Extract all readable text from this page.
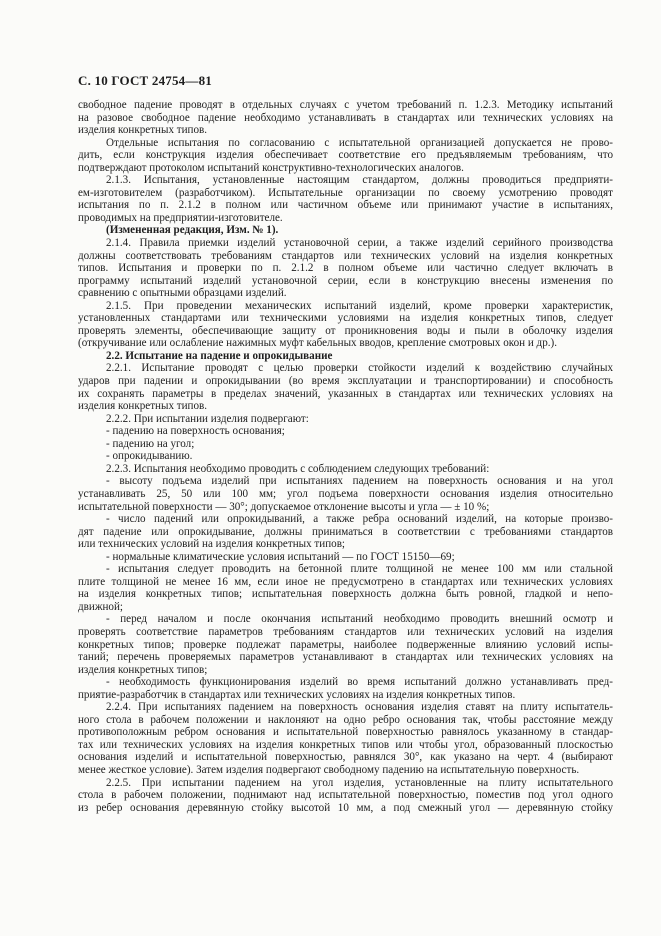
С. 10 ГОСТ 24754—81
свободное падение проводят в отдельных случаях с учетом требований п. 1.2.3. Методику испытаний
на разовое свободное падение необходимо устанавливать в стандартах или технических условиях на
изделия конкретных типов.
Отдельные испытания по согласованию с испытательной организацией допускается не прово-
дить, если конструкция изделия обеспечивает соответствие его предъявляемым требованиям, что
подтверждают протоколом испытаний конструктивно-технологических аналогов.
2.1.3. Испытания, установленные настоящим стандартом, должны проводиться предприяти-
ем-изготовителем (разработчиком). Испытательные организации по своему усмотрению проводят
испытания по п. 2.1.2 в полном или частичном объеме или принимают участие в испытаниях,
проводимых на предприятии-изготовителе.
(Измененная редакция, Изм. № 1).
2.1.4. Правила приемки изделий установочной серии, а также изделий серийного производства
должны соответствовать требованиям стандартов или технических условий на изделия конкретных
типов. Испытания и проверки по п. 2.1.2 в полном объеме или частично следует включать в
программу испытаний изделий установочной серии, если в конструкцию внесены изменения по
сравнению с опытными образцами изделий.
2.1.5. При проведении механических испытаний изделий, кроме проверки характеристик,
установленных стандартами или техническими условиями на изделия конкретных типов, следует
проверять элементы, обеспечивающие защиту от проникновения воды и пыли в оболочку изделия
(откручивание или ослабление нажимных муфт кабельных вводов, крепление смотровых окон и др.).
2.2. Испытание на падение и опрокидывание
2.2.1. Испытание проводят с целью проверки стойкости изделий к воздействию случайных
ударов при падении и опрокидывании (во время эксплуатации и транспортировании) и способность
их сохранять параметры в пределах значений, указанных в стандартах или технических условиях на
изделия конкретных типов.
2.2.2. При испытании изделия подвергают:
- падению на поверхность основания;
- падению на угол;
- опрокидыванию.
2.2.3. Испытания необходимо проводить с соблюдением следующих требований:
- высоту подъема изделий при испытаниях падением на поверхность основания и на угол
устанавливать 25, 50 или 100 мм; угол подъема поверхности основания изделия относительно
испытательной поверхности — 30°; допускаемое отклонение высоты и угла — ± 10 %;
- число падений или опрокидываний, а также ребра оснований изделий, на которые произво-
дят падение или опрокидывание, должны приниматься в соответствии с требованиями стандартов
или технических условий на изделия конкретных типов;
- нормальные климатические условия испытаний — по ГОСТ 15150—69;
- испытания следует проводить на бетонной плите толщиной не менее 100 мм или стальной
плите толщиной не менее 16 мм, если иное не предусмотрено в стандартах или технических условиях
на изделия конкретных типов; испытательная поверхность должна быть ровной, гладкой и непо-
движной;
- перед началом и после окончания испытаний необходимо проводить внешний осмотр и
проверять соответствие параметров требованиям стандартов или технических условий на изделия
конкретных типов; проверке подлежат параметры, наиболее подверженные влиянию условий испы-
таний; перечень проверяемых параметров устанавливают в стандартах или технических условиях на
изделия конкретных типов;
- необходимость функционирования изделий во время испытаний должно устанавливать пред-
приятие-разработчик в стандартах или технических условиях на изделия конкретных типов.
2.2.4. При испытаниях падением на поверхность основания изделия ставят на плиту испытатель-
ного стола в рабочем положении и наклоняют на одно ребро основания так, чтобы расстояние между
противоположным ребром основания и испытательной поверхностью равнялось указанному в стандар-
тах или технических условиях на изделия конкретных типов или чтобы угол, образованный плоскостью
основания изделий и испытательной поверхностью, равнялся 30°, как указано на черт. 4 (выбирают
менее жесткое условие). Затем изделия подвергают свободному падению на испытательную поверхность.
2.2.5. При испытании падением на угол изделия, установленные на плиту испытательного
стола в рабочем положении, поднимают над испытательной поверхностью, поместив под угол одного
из ребер основания деревянную стойку высотой 10 мм, а под смежный угол — деревянную стойку
